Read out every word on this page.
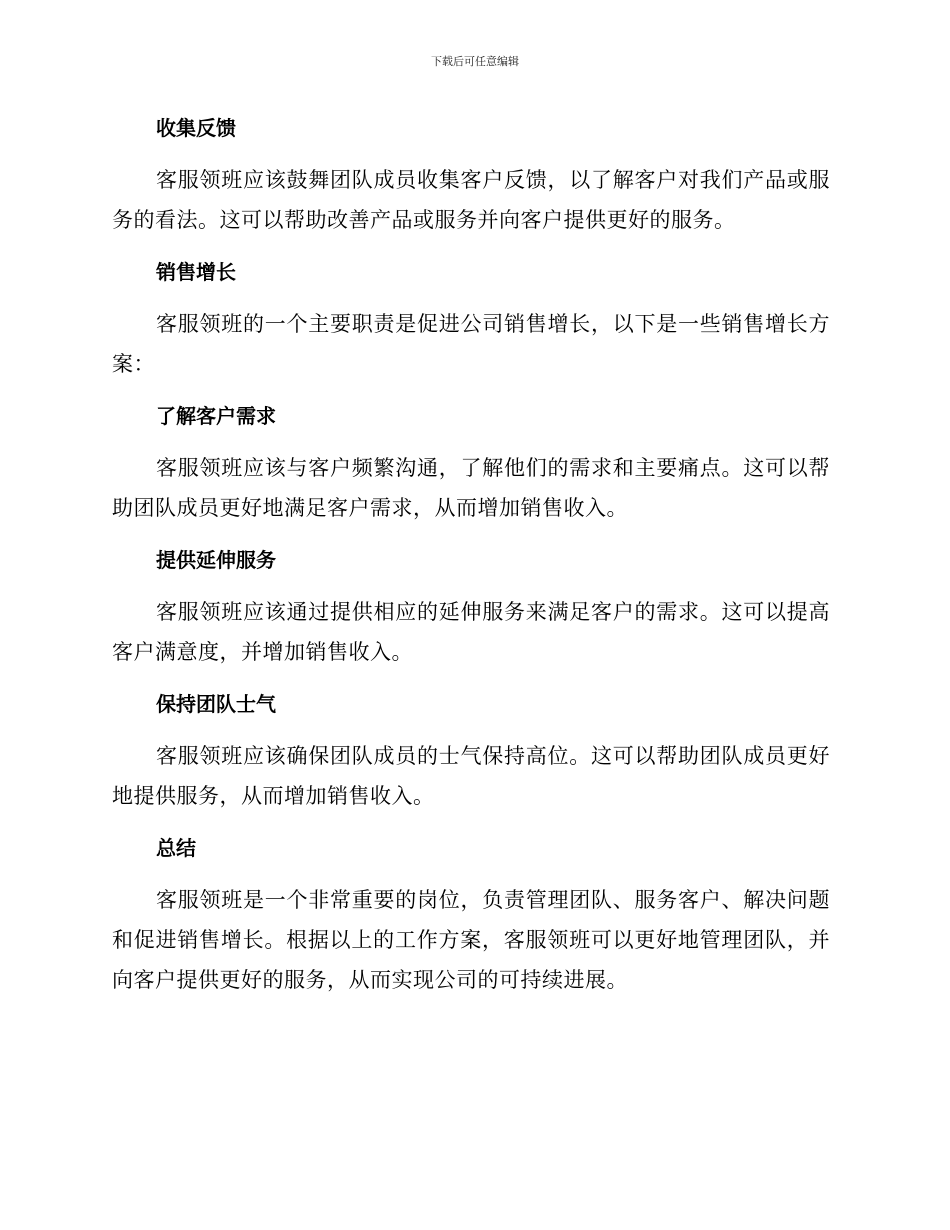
下载后可任意编辑
收集反馈

客服领班应该鼓舞团队成员收集客户反馈，以了解客户对我们产品或服务的看法。这可以帮助改善产品或服务并向客户提供更好的服务。

销售增长

客服领班的一个主要职责是促进公司销售增长，以下是一些销售增长方案：

了解客户需求

客服领班应该与客户频繁沟通，了解他们的需求和主要痛点。这可以帮助团队成员更好地满足客户需求，从而增加销售收入。

提供延伸服务

客服领班应该通过提供相应的延伸服务来满足客户的需求。这可以提高客户满意度，并增加销售收入。

保持团队士气

客服领班应该确保团队成员的士气保持高位。这可以帮助团队成员更好地提供服务，从而增加销售收入。

总结

客服领班是一个非常重要的岗位，负责管理团队、服务客户、解决问题和促进销售增长。根据以上的工作方案，客服领班可以更好地管理团队，并向客户提供更好的服务，从而实现公司的可持续进展。
